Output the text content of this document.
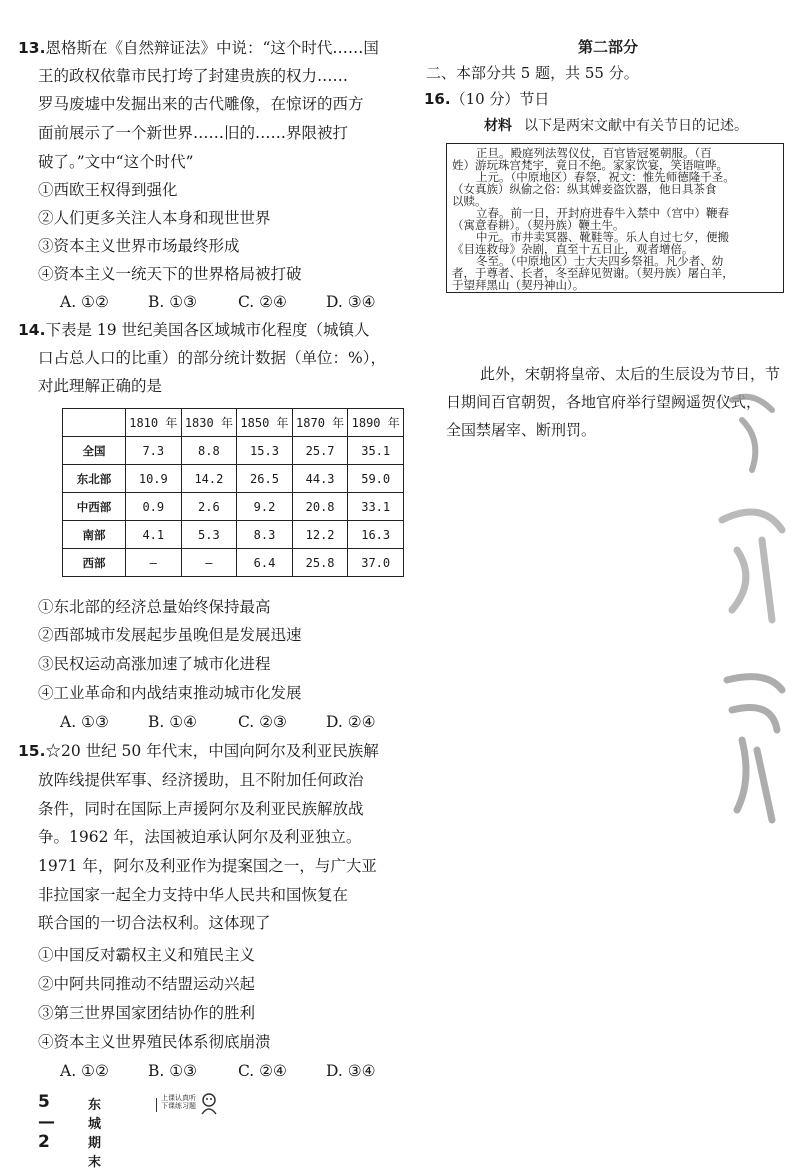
13.恩格斯在《自然辩证法》中说：“这个时代……国
王的政权依靠市民打垮了封建贵族的权力……
罗马废墟中发掘出来的古代雕像，在惊讶的西方
面前展示了一个新世界……旧的……界限被打
破了。”文中“这个时代”
①西欧王权得到强化
②人们更多关注人本身和现世世界
③资本主义世界市场最终形成
④资本主义一统天下的世界格局被打破
A. ①②	B. ①③	C. ②④	D. ③④
14.下表是 19 世纪美国各区域城市化程度（城镇人
口占总人口的比重）的部分统计数据（单位：%），
对此理解正确的是
	1810 年	1830 年	1850 年	1870 年	1890 年
全国	7.3	8.8	15.3	25.7	35.1
东北部	10.9	14.2	26.5	44.3	59.0
中西部	0.9	2.6	9.2	20.8	33.1
南部	4.1	5.3	8.3	12.2	16.3
西部	—	—	6.4	25.8	37.0
①东北部的经济总量始终保持最高
②西部城市发展起步虽晚但是发展迅速
③民权运动高涨加速了城市化进程
④工业革命和内战结束推动城市化发展
A. ①③	B. ①④	C. ②③	D. ②④
15.☆20 世纪 50 年代末，中国向阿尔及利亚民族解
放阵线提供军事、经济援助，且不附加任何政治
条件，同时在国际上声援阿尔及利亚民族解放战
争。1962 年，法国被迫承认阿尔及利亚独立。
1971 年，阿尔及利亚作为提案国之一，与广大亚
非拉国家一起全力支持中华人民共和国恢复在
联合国的一切合法权利。这体现了
①中国反对霸权主义和殖民主义
②中阿共同推动不结盟运动兴起
③第三世界国家团结协作的胜利
④资本主义世界殖民体系彻底崩溃
A. ①②	B. ①③	C. ②④	D. ③④
第二部分
二、本部分共 5 题，共 55 分。
16.（10 分）节日
材料 以下是两宋文献中有关节日的记述。
正旦。殿庭列法驾仪仗，百官皆冠冕朝服。（百
姓）游玩珠宫梵宇，竟日不绝。家家饮宴，笑语喧哗。
上元。（中原地区）春祭，祝文：惟先师德隆千圣。
（女真族）纵偷之俗：纵其婢妾盗饮器，他日具茶食
以赎。
立春。前一日，开封府进春牛入禁中（宫中）鞭春
（寓意春耕）。（契丹族）鞭土牛。
中元。市井卖冥器、靴鞋等。乐人自过七夕，便搬
《目连救母》杂剧，直至十五日止，观者增倍。
冬至。（中原地区）士大夫四乡祭祖。凡少者、幼
者，于尊者、长者，冬至辞见贺谢。（契丹族）屠白羊，
于望拜黑山（契丹神山）。
此外，宋朝将皇帝、太后的生辰设为节日，节
日期间百官朝贺，各地官府举行望阙遥贺仪式，
全国禁屠宰、断刑罚。
5—2
东城期末
上课认真听
下课练习题
